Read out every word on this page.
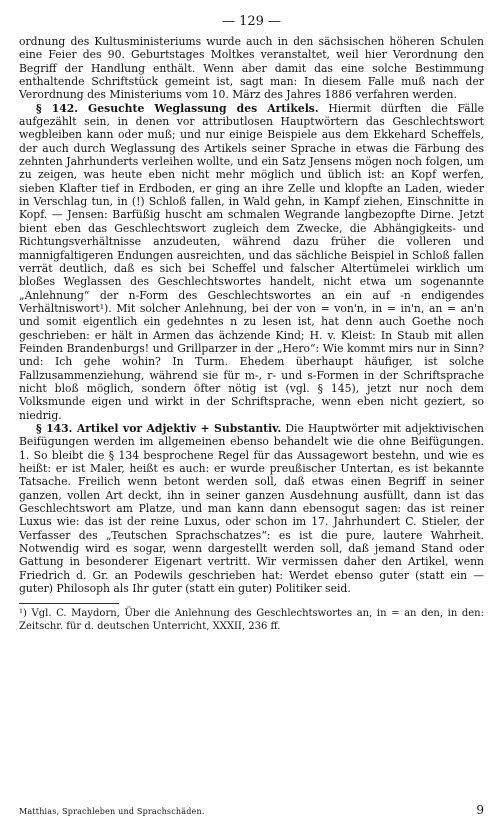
— 129 —

ordnung des Kultusministeriums wurde auch in den sächsischen höheren Schulen eine Feier des 90. Geburtstages Moltkes veranstaltet, weil hier Verordnung den Begriff der Handlung enthält. Wenn aber damit das eine solche Bestimmung enthaltende Schriftstück gemeint ist, sagt man: In diesem Falle muß nach der Verordnung des Ministeriums vom 10. März des Jahres 1886 verfahren werden.

§ 142. Gesuchte Weglassung des Artikels. Hiermit dürften die Fälle aufgezählt sein, in denen vor attributlosen Hauptwörtern das Geschlechtswort wegbleiben kann oder muß; und nur einige Beispiele aus dem Ekkehard Scheffels, der auch durch Weglassung des Artikels seiner Sprache in etwas die Färbung des zehnten Jahrhunderts verleihen wollte, und ein Satz Jensens mögen noch folgen, um zu zeigen, was heute eben nicht mehr möglich und üblich ist: an Kopf werfen, sieben Klafter tief in Erdboden, er ging an ihre Zelle und klopfte an Laden, wieder in Verschlag tun, in (!) Schloß fallen, in Wald gehn, in Kampf ziehen, Einschnitte in Kopf. — Jensen: Barfüßig huscht am schmalen Wegrande langbezopfte Dirne. Jetzt bient eben das Geschlechtswort zugleich dem Zwecke, die Abhängigkeits- und Richtungsverhältnisse anzudeuten, während dazu früher die volleren und mannigfaltigeren Endungen ausreichten, und das sächliche Beispiel in Schloß fallen verrät deutlich, daß es sich bei Scheffel und falscher Altertümelei wirklich um bloßes Weglassen des Geschlechtswortes handelt, nicht etwa um sogenannte „Anlehnung“ der n-Form des Geschlechtswortes an ein auf -n endigendes Verhältniswort¹). Mit solcher Anlehnung, bei der von = von'n, in = in'n, an = an'n und somit eigentlich ein gedehntes n zu lesen ist, hat denn auch Goethe noch geschrieben: er hält in Armen das ächzende Kind; H. v. Kleist: In Staub mit allen Feinden Brandenburgs! und Grillparzer in der „Hero“: Wie kommt mirs nur in Sinn? und: Ich gehe wohin? In Turm. Ehedem überhaupt häufiger, ist solche Fallzusammenziehung, während sie für m-, r- und s-Formen in der Schriftsprache nicht bloß möglich, sondern öfter nötig ist (vgl. § 145), jetzt nur noch dem Volksmunde eigen und wirkt in der Schriftsprache, wenn eben nicht geziert, so niedrig.

§ 143. Artikel vor Adjektiv + Substantiv. Die Hauptwörter mit adjektivischen Beifügungen werden im allgemeinen ebenso behandelt wie die ohne Beifügungen. 1. So bleibt die § 134 besprochene Regel für das Aussagewort bestehn, und wie es heißt: er ist Maler, heißt es auch: er wurde preußischer Untertan, es ist bekannte Tatsache. Freilich wenn betont werden soll, daß etwas einen Begriff in seiner ganzen, vollen Art deckt, ihn in seiner ganzen Ausdehnung ausfüllt, dann ist das Geschlechtswort am Platze, und man kann dann ebensogut sagen: das ist reiner Luxus wie: das ist der reine Luxus, oder schon im 17. Jahrhundert C. Stieler, der Verfasser des „Teutschen Sprachschatzes“: es ist die pure, lautere Wahrheit. Notwendig wird es sogar, wenn dargestellt werden soll, daß jemand Stand oder Gattung in besonderer Eigenart vertritt. Wir vermissen daher den Artikel, wenn Friedrich d. Gr. an Podewils geschrieben hat: Werdet ebenso guter (statt ein — guter) Philosoph als Ihr guter (statt ein guter) Politiker seid.

¹) Vgl. C. Maydorn, Über die Anlehnung des Geschlechtswortes an, in = an den, in den: Zeitschr. für d. deutschen Unterricht, XXXII, 236 ff.

Matthias, Sprachleben und Sprachschäden.	9
